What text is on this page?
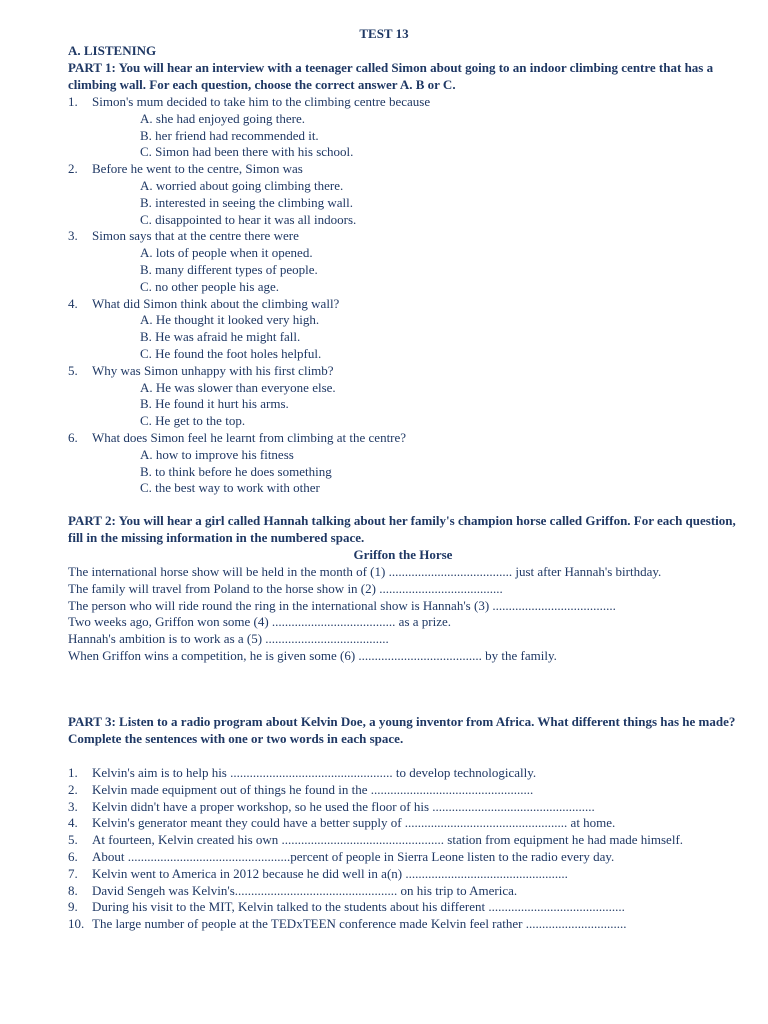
TEST 13
A. LISTENING
PART 1: You will hear an interview with a teenager called Simon about going to an indoor climbing centre that has a climbing wall. For each question, choose the correct answer A. B or C.
1. Simon's mum decided to take him to the climbing centre because
A. she had enjoyed going there.
B. her friend had recommended it.
C. Simon had been there with his school.
2. Before he went to the centre, Simon was
A. worried about going climbing there.
B. interested in seeing the climbing wall.
C. disappointed to hear it was all indoors.
3. Simon says that at the centre there were
A. lots of people when it opened.
B. many different types of people.
C. no other people his age.
4. What did Simon think about the climbing wall?
A. He thought it looked very high.
B. He was afraid he might fall.
C. He found the foot holes helpful.
5. Why was Simon unhappy with his first climb?
A. He was slower than everyone else.
B. He found it hurt his arms.
C. He get to the top.
6. What does Simon feel he learnt from climbing at the centre?
A. how to improve his fitness
B. to think before he does something
C. the best way to work with other
PART 2: You will hear a girl called Hannah talking about her family's champion horse called Griffon. For each question, fill in the missing information in the numbered space.
Griffon the Horse
The international horse show will be held in the month of (1) ...................................... just after Hannah's birthday.
The family will travel from Poland to the horse show in (2) ......................................
The person who will ride round the ring in the international show is Hannah's (3) ......................................
Two weeks ago, Griffon won some (4) ...................................... as a prize.
Hannah's ambition is to work as a (5) ......................................
When Griffon wins a competition, he is given some (6) ...................................... by the family.
PART 3: Listen to a radio program about Kelvin Doe, a young inventor from Africa. What different things has he made? Complete the sentences with one or two words in each space.
1. Kelvin's aim is to help his .................................................. to develop technologically.
2. Kelvin made equipment out of things he found in the ..................................................
3. Kelvin didn't have a proper workshop, so he used the floor of his ..................................................
4. Kelvin's generator meant they could have a better supply of .................................................. at home.
5. At fourteen, Kelvin created his own .................................................. station from equipment he had made himself.
6. About ..................................................percent of people in Sierra Leone listen to the radio every day.
7. Kelvin went to America in 2012 because he did well in a(n) ..................................................
8. David Sengeh was Kelvin's.................................................. on his trip to America.
9. During his visit to the MIT, Kelvin talked to the students about his different ..........................................
10. The large number of people at the TEDxTEEN conference made Kelvin feel rather ...............................
